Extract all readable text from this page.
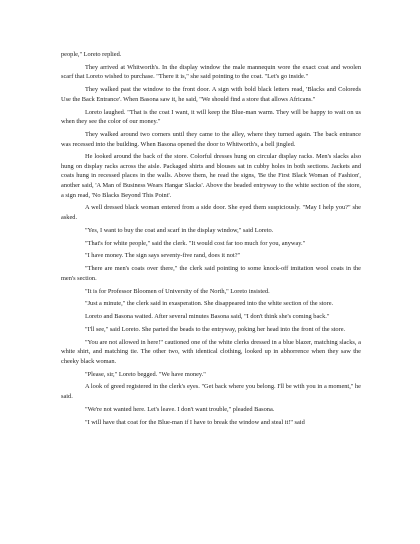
people," Loreto replied.

They arrived at Whitworth's. In the display window the male mannequin wore the exact coat and woolen scarf that Loreto wished to purchase. "There it is," she said pointing to the coat. "Let's go inside."

They walked past the window to the front door. A sign with bold black letters read, 'Blacks and Coloreds Use the Back Entrance'. When Basona saw it, he said, "We should find a store that allows Africans."

Loreto laughed. "That is the coat I want, it will keep the Blue-man warm. They will be happy to wait on us when they see the color of our money."

They walked around two corners until they came to the alley, where they turned again. The back entrance was recessed into the building. When Basona opened the door to Whitworth's, a bell jingled.

He looked around the back of the store. Colorful dresses hung on circular display racks. Men's slacks also hung on display racks across the aisle. Packaged shirts and blouses sat in cubby holes in both sections. Jackets and coats hung in recessed places in the walls. Above them, he read the signs, 'Be the First Black Woman of Fashion', another said, 'A Man of Business Wears Hangar Slacks'. Above the beaded entryway to the white section of the store, a sign read, 'No Blacks Beyond This Point'.

A well dressed black woman entered from a side door. She eyed them suspiciously. "May I help you?" she asked.

"Yes, I want to buy the coat and scarf in the display window," said Loreto.

"That's for white people," said the clerk. "It would cost far too much for you, anyway."

"I have money. The sign says seventy-five rand, does it not?"

"There are men's coats over there," the clerk said pointing to some knock-off imitation wool coats in the men's section.

"It is for Professor Bloomen of University of the North," Loreto insisted.

"Just a minute," the clerk said in exasperation. She disappeared into the white section of the store.

Loreto and Basona waited. After several minutes Basona said, "I don't think she's coming back."

"I'll see," said Loreto. She parted the beads to the entryway, poking her head into the front of the store.

"You are not allowed in here!" cautioned one of the white clerks dressed in a blue blazer, matching slacks, a white shirt, and matching tie. The other two, with identical clothing, looked up in abhorrence when they saw the cheeky black woman.

"Please, sir," Loreto begged. "We have money."

A look of greed registered in the clerk's eyes. "Get back where you belong. I'll be with you in a moment," he said.

"We're not wanted here. Let's leave. I don't want trouble," pleaded Basona.

"I will have that coat for the Blue-man if I have to break the window and steal it!" said
